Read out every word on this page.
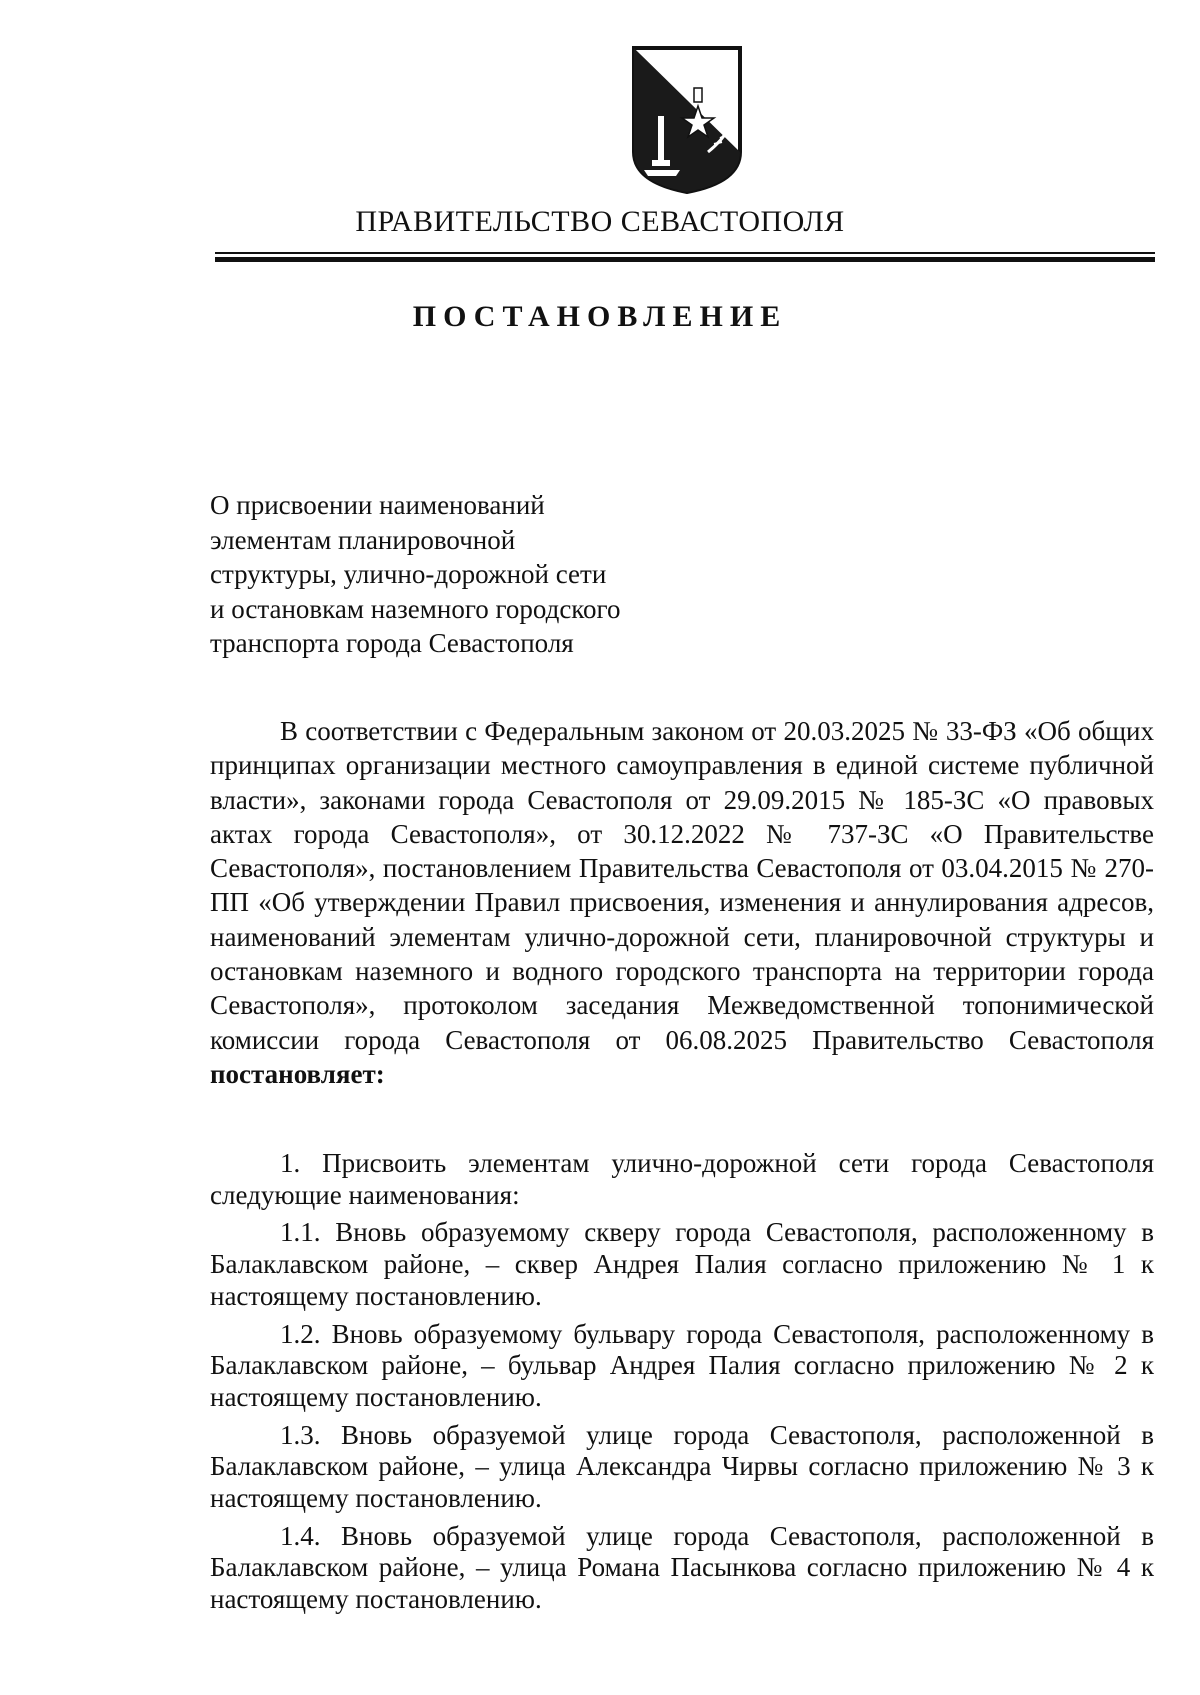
ПРАВИТЕЛЬСТВО СЕВАСТОПОЛЯ
ПОСТАНОВЛЕНИЕ
О присвоении наименований
элементам планировочной
структуры, улично-дорожной сети
и остановкам наземного городского
транспорта города Севастополя

В соответствии с Федеральным законом от 20.03.2025 № 33-ФЗ «Об общих принципах организации местного самоуправления в единой системе публичной власти», законами города Севастополя от 29.09.2015 № 185-ЗС «О правовых актах города Севастополя», от 30.12.2022 № 737-ЗС «О Правительстве Севастополя», постановлением Правительства Севастополя от 03.04.2015 № 270-ПП «Об утверждении Правил присвоения, изменения и аннулирования адресов, наименований элементам улично-дорожной сети, планировочной структуры и остановкам наземного и водного городского транспорта на территории города Севастополя», протоколом заседания Межведомственной топонимической комиссии города Севастополя от 06.08.2025 Правительство Севастополя постановляет:

1. Присвоить элементам улично-дорожной сети города Севастополя следующие наименования:

1.1. Вновь образуемому скверу города Севастополя, расположенному в Балаклавском районе, – сквер Андрея Палия согласно приложению № 1 к настоящему постановлению.

1.2. Вновь образуемому бульвару города Севастополя, расположенному в Балаклавском районе, – бульвар Андрея Палия согласно приложению № 2 к настоящему постановлению.

1.3. Вновь образуемой улице города Севастополя, расположенной в Балаклавском районе, – улица Александра Чирвы согласно приложению № 3 к настоящему постановлению.

1.4. Вновь образуемой улице города Севастополя, расположенной в Балаклавском районе, – улица Романа Пасынкова согласно приложению № 4 к настоящему постановлению.
